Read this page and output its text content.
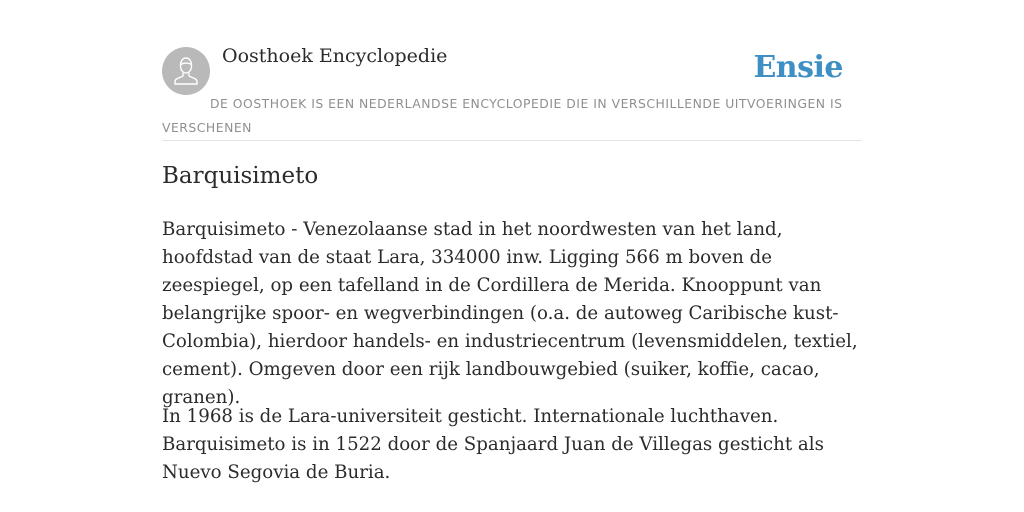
Oosthoek Encyclopedie	Ensie
DE OOSTHOEK IS EEN NEDERLANDSE ENCYCLOPEDIE DIE IN VERSCHILLENDE UITVOERINGEN IS VERSCHENEN
Barquisimeto

Barquisimeto - Venezolaanse stad in het noordwesten van het land, hoofdstad van de staat Lara, 334000 inw. Ligging 566 m boven de zeespiegel, op een tafelland in de Cordillera de Merida. Knooppunt van belangrijke spoor- en wegverbindingen (o.a. de autoweg Caribische kust-Colombia), hierdoor handels- en industriecentrum (levensmiddelen, textiel, cement). Omgeven door een rijk landbouwgebied (suiker, koffie, cacao, granen).

In 1968 is de Lara-universiteit gesticht. Internationale luchthaven. Barquisimeto is in 1522 door de Spanjaard Juan de Villegas gesticht als Nuevo Segovia de Buria.
